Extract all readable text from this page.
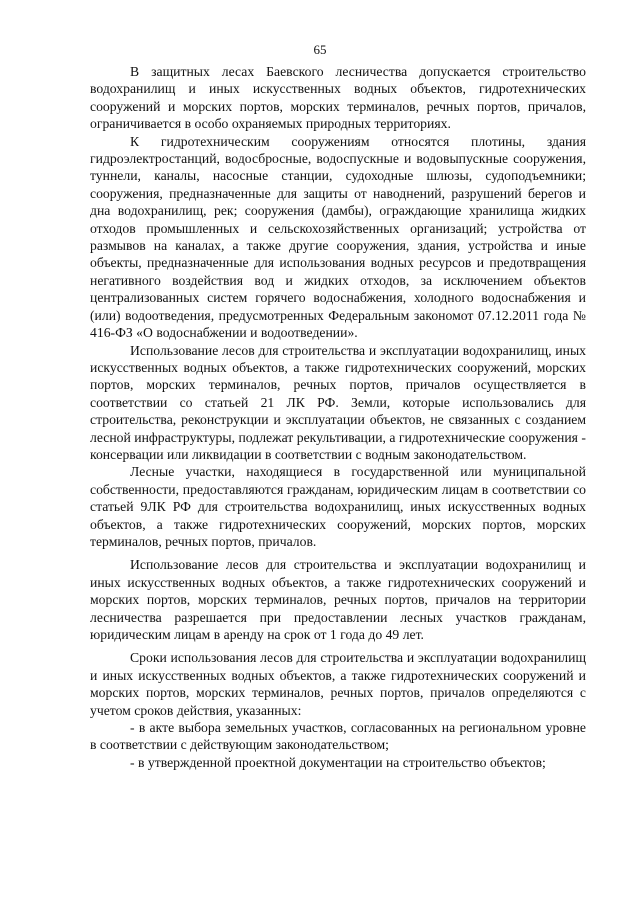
65

В защитных лесах Баевского лесничества допускается строительство водохранилищ и иных искусственных водных объектов, гидротехнических сооружений и морских портов, морских терминалов, речных портов, причалов, ограничивается в особо охраняемых природных территориях.

К гидротехническим сооружениям относятся плотины, здания гидроэлектростанций, водосбросные, водоспускные и водовыпускные сооружения, туннели, каналы, насосные станции, судоходные шлюзы, судоподъемники; сооружения, предназначенные для защиты от наводнений, разрушений берегов и дна водохранилищ, рек; сооружения (дамбы), ограждающие хранилища жидких отходов промышленных и сельскохозяйственных организаций; устройства от размывов на каналах, а также другие сооружения, здания, устройства и иные объекты, предназначенные для использования водных ресурсов и предотвращения негативного воздействия вод и жидких отходов, за исключением объектов централизованных систем горячего водоснабжения, холодного водоснабжения и (или) водоотведения, предусмотренных Федеральным закономот 07.12.2011 года № 416-ФЗ «О водоснабжении и водоотведении».

Использование лесов для строительства и эксплуатации водохранилищ, иных искусственных водных объектов, а также гидротехнических сооружений, морских портов, морских терминалов, речных портов, причалов осуществляется в соответствии со статьей 21 ЛК РФ. Земли, которые использовались для строительства, реконструкции и эксплуатации объектов, не связанных с созданием лесной инфраструктуры, подлежат рекультивации, а гидротехнические сооружения - консервации или ликвидации в соответствии с водным законодательством.

Лесные участки, находящиеся в государственной или муниципальной собственности, предоставляются гражданам, юридическим лицам в соответствии со статьей 9ЛК РФ для строительства водохранилищ, иных искусственных водных объектов, а также гидротехнических сооружений, морских портов, морских терминалов, речных портов, причалов.

Использование лесов для строительства и эксплуатации водохранилищ и иных искусственных водных объектов, а также гидротехнических сооружений и морских портов, морских терминалов, речных портов, причалов на территории лесничества разрешается при предоставлении лесных участков гражданам, юридическим лицам в аренду на срок от 1 года до 49 лет.

Сроки использования лесов для строительства и эксплуатации водохранилищ и иных искусственных водных объектов, а также гидротехнических сооружений и морских портов, морских терминалов, речных портов, причалов определяются с учетом сроков действия, указанных:

- в акте выбора земельных участков, согласованных на региональном уровне в соответствии с действующим законодательством;

- в утвержденной проектной документации на строительство объектов;
